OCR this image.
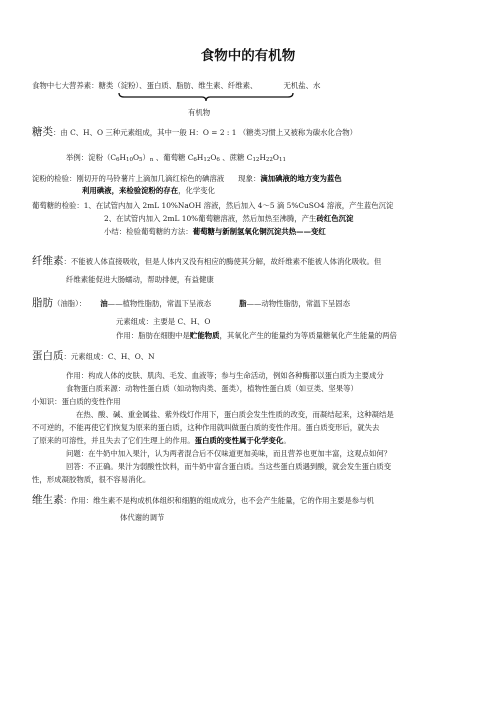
食物中的有机物
食物中七大营养素：糖类（淀粉）、蛋白质、脂肪、维生素、纤维素、	无机盐、水
有机物
糖类：由 C、H、O 三种元素组成，其中一般 H：O = 2 : 1 （糖类习惯上又被称为碳水化合物）
举例：淀粉（C6H10O5）n 、葡萄糖 C6H12O6 、蔗糖 C12H22O11
淀粉的检验：刚切开的马铃薯片上滴加几滴红棕色的碘溶液 现象：滴加碘液的地方变为蓝色
利用碘液，来检验淀粉的存在，化学变化
葡萄糖的检验：1、在试管内加入 2mL 10%NaOH 溶液，然后加入 4～5 滴 5%CuSO4 溶液，产生蓝色沉淀
2、在试管内加入 2mL 10%葡萄糖溶液，然后加热至沸腾，产生砖红色沉淀
小结：检验葡萄糖的方法：葡萄糖与新制氢氧化铜沉淀共热——变红
纤维素：不能被人体直接吸收，但是人体内又没有相应的酶使其分解，故纤维素不能被人体消化吸收。但
纤维素能促进大肠蠕动，帮助排便，有益健康
脂肪（油脂）： 油——植物性脂肪，常温下呈液态	脂——动物性脂肪，常温下呈固态
元素组成：主要是 C、H、O
作用：脂肪在细胞中是贮能物质，其氧化产生的能量约为等质量糖氧化产生能量的两倍
蛋白质：元素组成：C、H、O、N
作用：构成人体的皮肤、肌肉、毛发、血液等；参与生命活动，例如各种酶都以蛋白质为主要成分
食物蛋白质来源：动物性蛋白质（如动物肉类、蛋类），植物性蛋白质（如豆类、坚果等）
小知识：蛋白质的变性作用
在热、酸、碱、重金属盐、紫外线灯作用下，蛋白质会发生性质的改变，而凝结起来，这种凝结是
不可逆的，不能再使它们恢复为原来的蛋白质，这种作用就叫做蛋白质的变性作用。蛋白质变形后，就失去
了原来的可溶性，并且失去了它们生理上的作用。蛋白质的变性属于化学变化。
问题：在牛奶中加入果汁，认为两者混合后不仅味道更加美味，而且营养也更加丰富，这观点如何？
回答：不正确。果汁为弱酸性饮料，而牛奶中富含蛋白质。当这些蛋白质遇到酸，就会发生蛋白质变
性，形成凝胶物质，很不容易消化。
维生素：作用：维生素不是构成机体组织和细胞的组成成分，也不会产生能量，它的作用主要是参与机
体代谢的调节
